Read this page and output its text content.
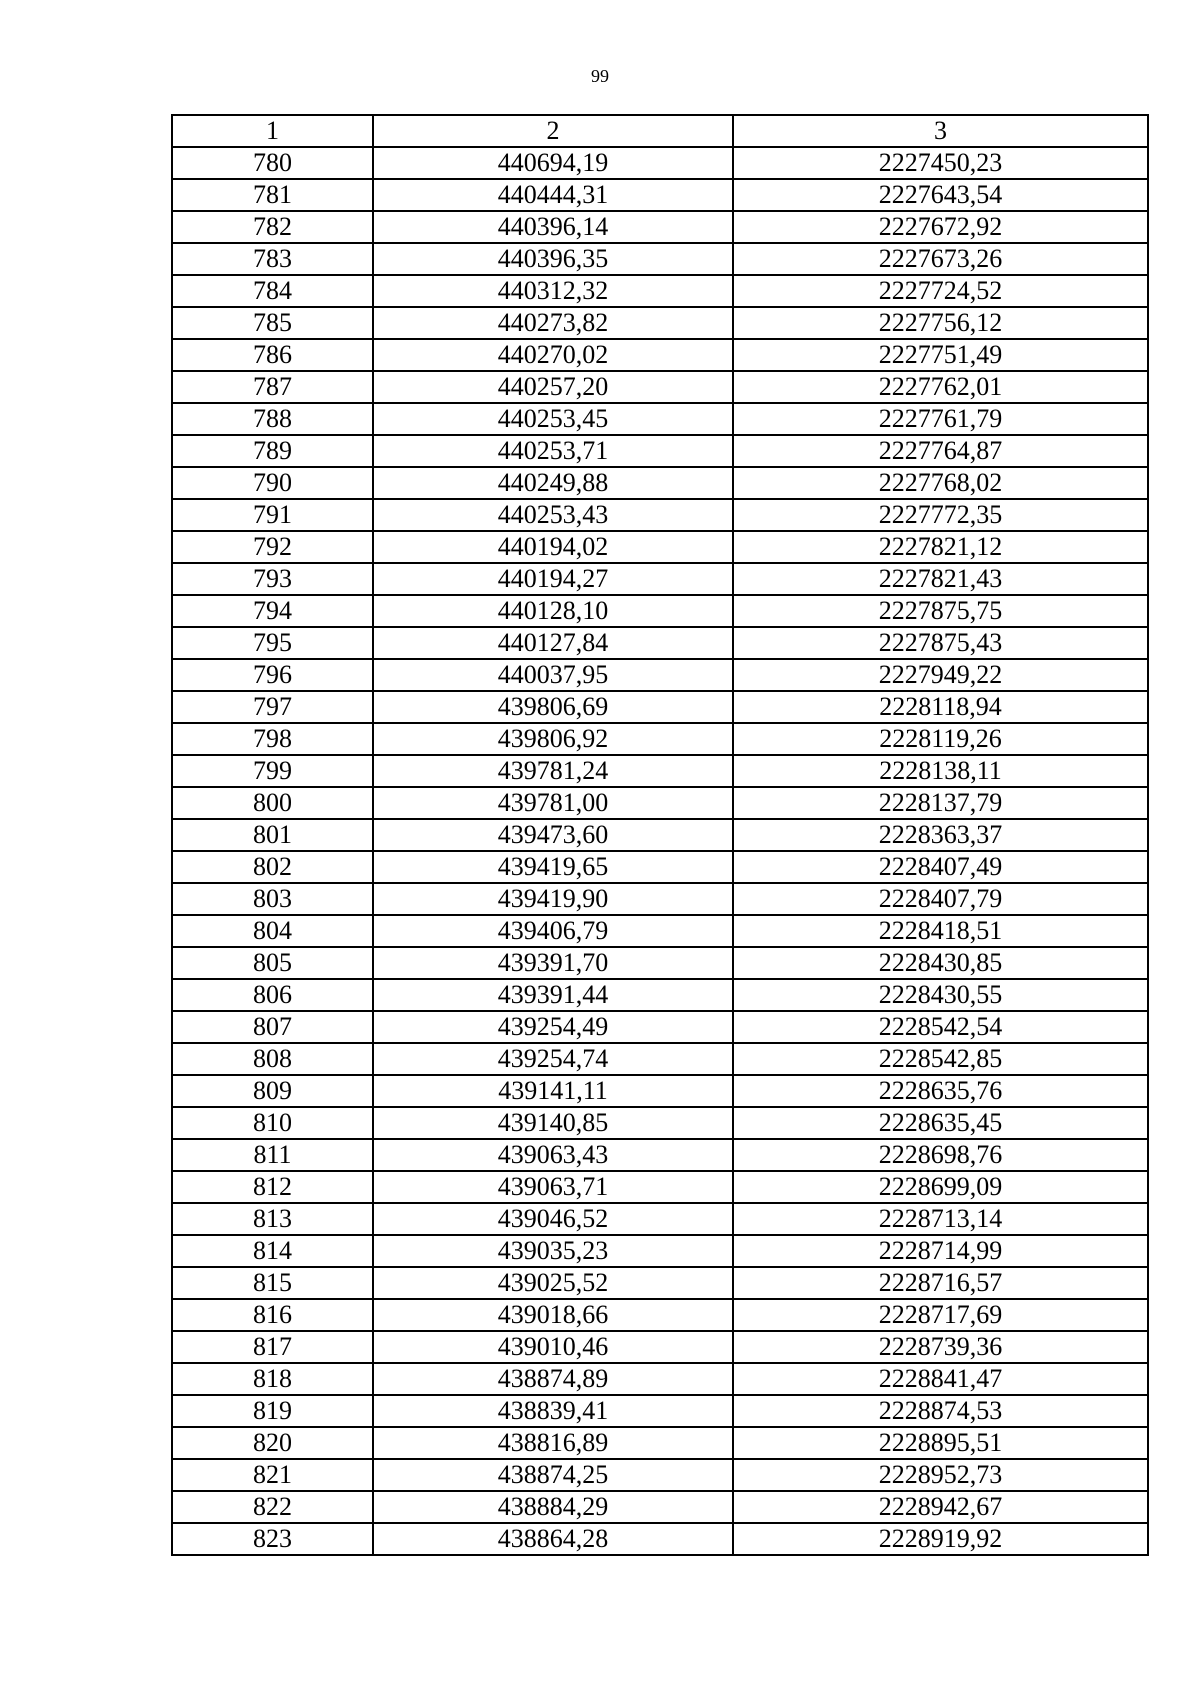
99
1	2	3
780	440694,19	2227450,23
781	440444,31	2227643,54
782	440396,14	2227672,92
783	440396,35	2227673,26
784	440312,32	2227724,52
785	440273,82	2227756,12
786	440270,02	2227751,49
787	440257,20	2227762,01
788	440253,45	2227761,79
789	440253,71	2227764,87
790	440249,88	2227768,02
791	440253,43	2227772,35
792	440194,02	2227821,12
793	440194,27	2227821,43
794	440128,10	2227875,75
795	440127,84	2227875,43
796	440037,95	2227949,22
797	439806,69	2228118,94
798	439806,92	2228119,26
799	439781,24	2228138,11
800	439781,00	2228137,79
801	439473,60	2228363,37
802	439419,65	2228407,49
803	439419,90	2228407,79
804	439406,79	2228418,51
805	439391,70	2228430,85
806	439391,44	2228430,55
807	439254,49	2228542,54
808	439254,74	2228542,85
809	439141,11	2228635,76
810	439140,85	2228635,45
811	439063,43	2228698,76
812	439063,71	2228699,09
813	439046,52	2228713,14
814	439035,23	2228714,99
815	439025,52	2228716,57
816	439018,66	2228717,69
817	439010,46	2228739,36
818	438874,89	2228841,47
819	438839,41	2228874,53
820	438816,89	2228895,51
821	438874,25	2228952,73
822	438884,29	2228942,67
823	438864,28	2228919,92
